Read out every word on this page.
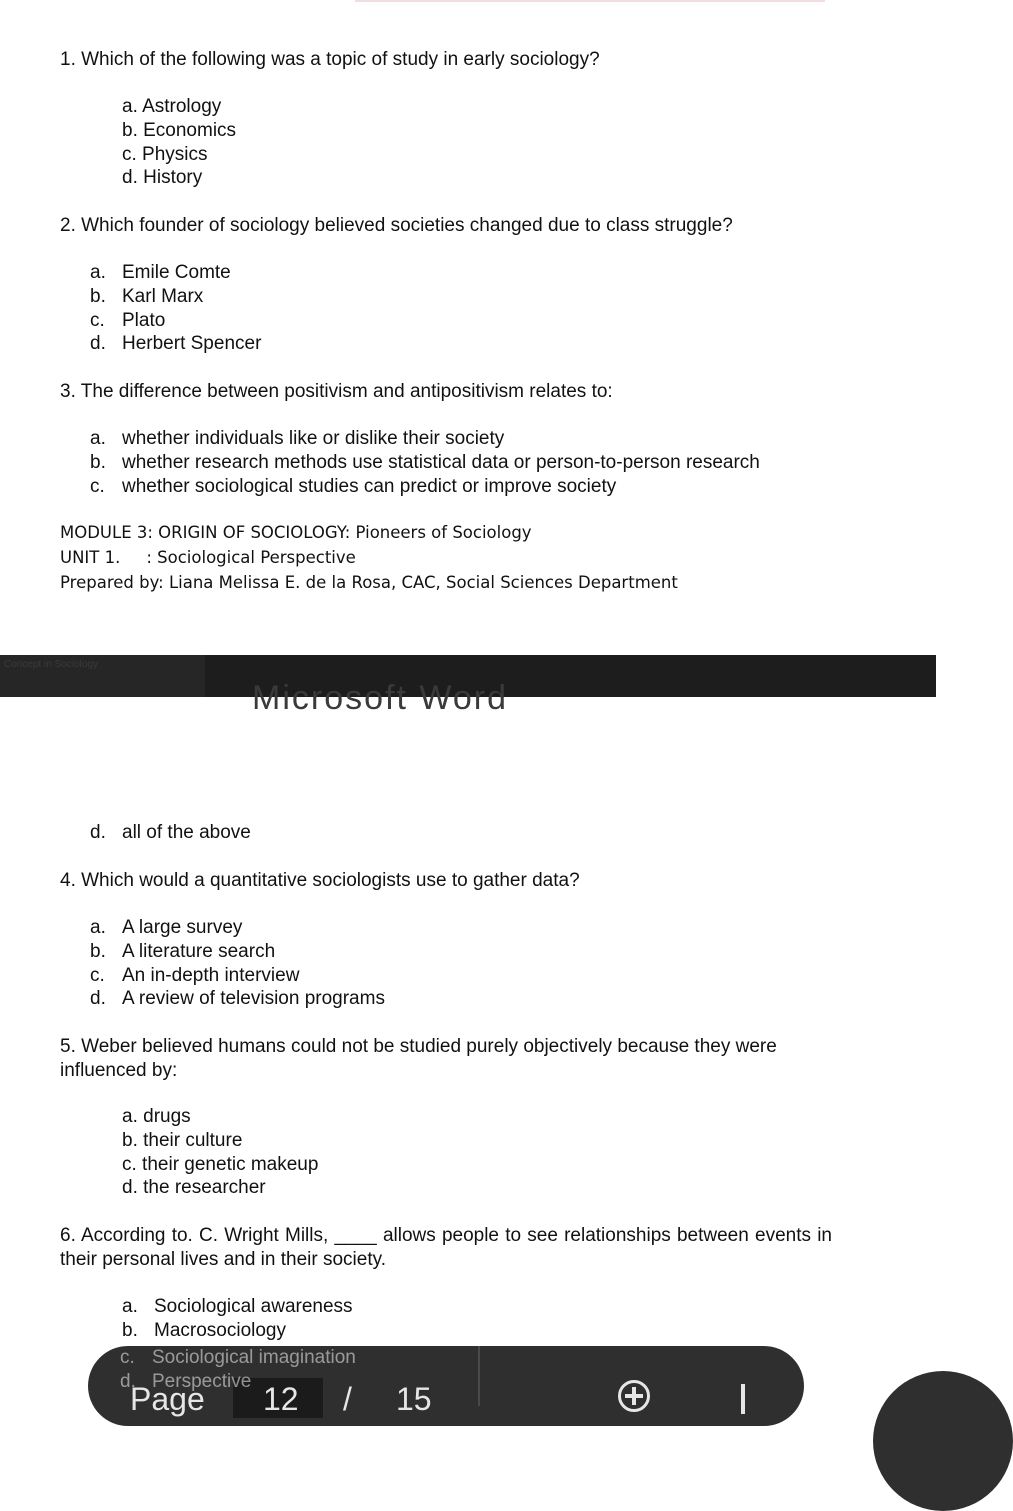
1. Which of the following was a topic of study in early sociology?
a. Astrology
b. Economics
c. Physics
d. History
2. Which founder of sociology believed societies changed due to class struggle?
a. Emile Comte
b. Karl Marx
c. Plato
d. Herbert Spencer
3. The difference between positivism and antipositivism relates to:
a. whether individuals like or dislike their society
b. whether research methods use statistical data or person-to-person research
c. whether sociological studies can predict or improve society
MODULE 3: ORIGIN OF SOCIOLOGY: Pioneers of Sociology
UNIT 1. : Sociological Perspective
Prepared by: Liana Melissa E. de la Rosa, CAC, Social Sciences Department
Concept in Sociology
Microsoft Word
d. all of the above
4. Which would a quantitative sociologists use to gather data?
a. A large survey
b. A literature search
c. An in-depth interview
d. A review of television programs
5. Weber believed humans could not be studied purely objectively because they were influenced by:
a. drugs
b. their culture
c. their genetic makeup
d. the researcher
6. According to. C. Wright Mills, ____ allows people to see relationships between events in their personal lives and in their society.
a. Sociological awareness
b. Macrosociology
Page 12 / 15
c. Sociological imagination
d. Perspective
